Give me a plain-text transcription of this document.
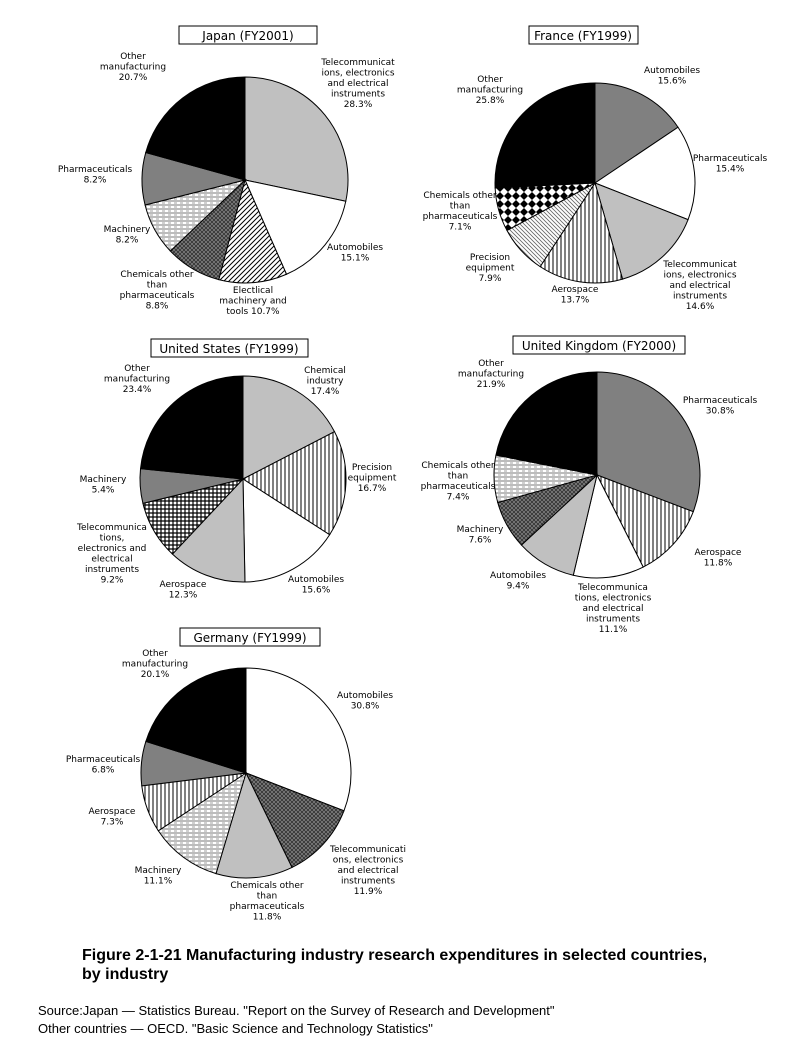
Japan (FY2001)
Telecommunicat ions, electronics and electrical instruments 28.3%
Automobiles 15.1%
Electlical machinery and tools 10.7%
Chemicals other than pharmaceuticals 8.8%
Machinery 8.2%
Pharmaceuticals 8.2%
Other manufacturing 20.7%
France (FY1999)
Automobiles 15.6%
Pharmaceuticals 15.4%
Telecommunicat ions, electronics and electrical instruments 14.6%
Aerospace 13.7%
Precision equipment 7.9%
Chemicals other than pharmaceuticals 7.1%
Other manufacturing 25.8%
United States (FY1999)
Chemical industry 17.4%
Precision equipment 16.7%
Automobiles 15.6%
Aerospace 12.3%
Telecommunica tions, electronics and electrical instruments 9.2%
Machinery 5.4%
Other manufacturing 23.4%
United Kingdom (FY2000)
Pharmaceuticals 30.8%
Aerospace 11.8%
Telecommunica tions, electronics and electrical instruments 11.1%
Automobiles 9.4%
Machinery 7.6%
Chemicals other than pharmaceuticals 7.4%
Other manufacturing 21.9%
Germany (FY1999)
Automobiles 30.8%
Telecommunicati ons, electronics and electrical instruments 11.9%
Chemicals other than pharmaceuticals 11.8%
Machinery 11.1%
Aerospace 7.3%
Pharmaceuticals 6.8%
Other manufacturing 20.1%
Figure 2-1-21 Manufacturing industry research expenditures in selected countries,
by industry
Source:Japan ― Statistics Bureau. "Report on the Survey of Research and Development"
Other countries ― OECD. "Basic Science and Technology Statistics"
